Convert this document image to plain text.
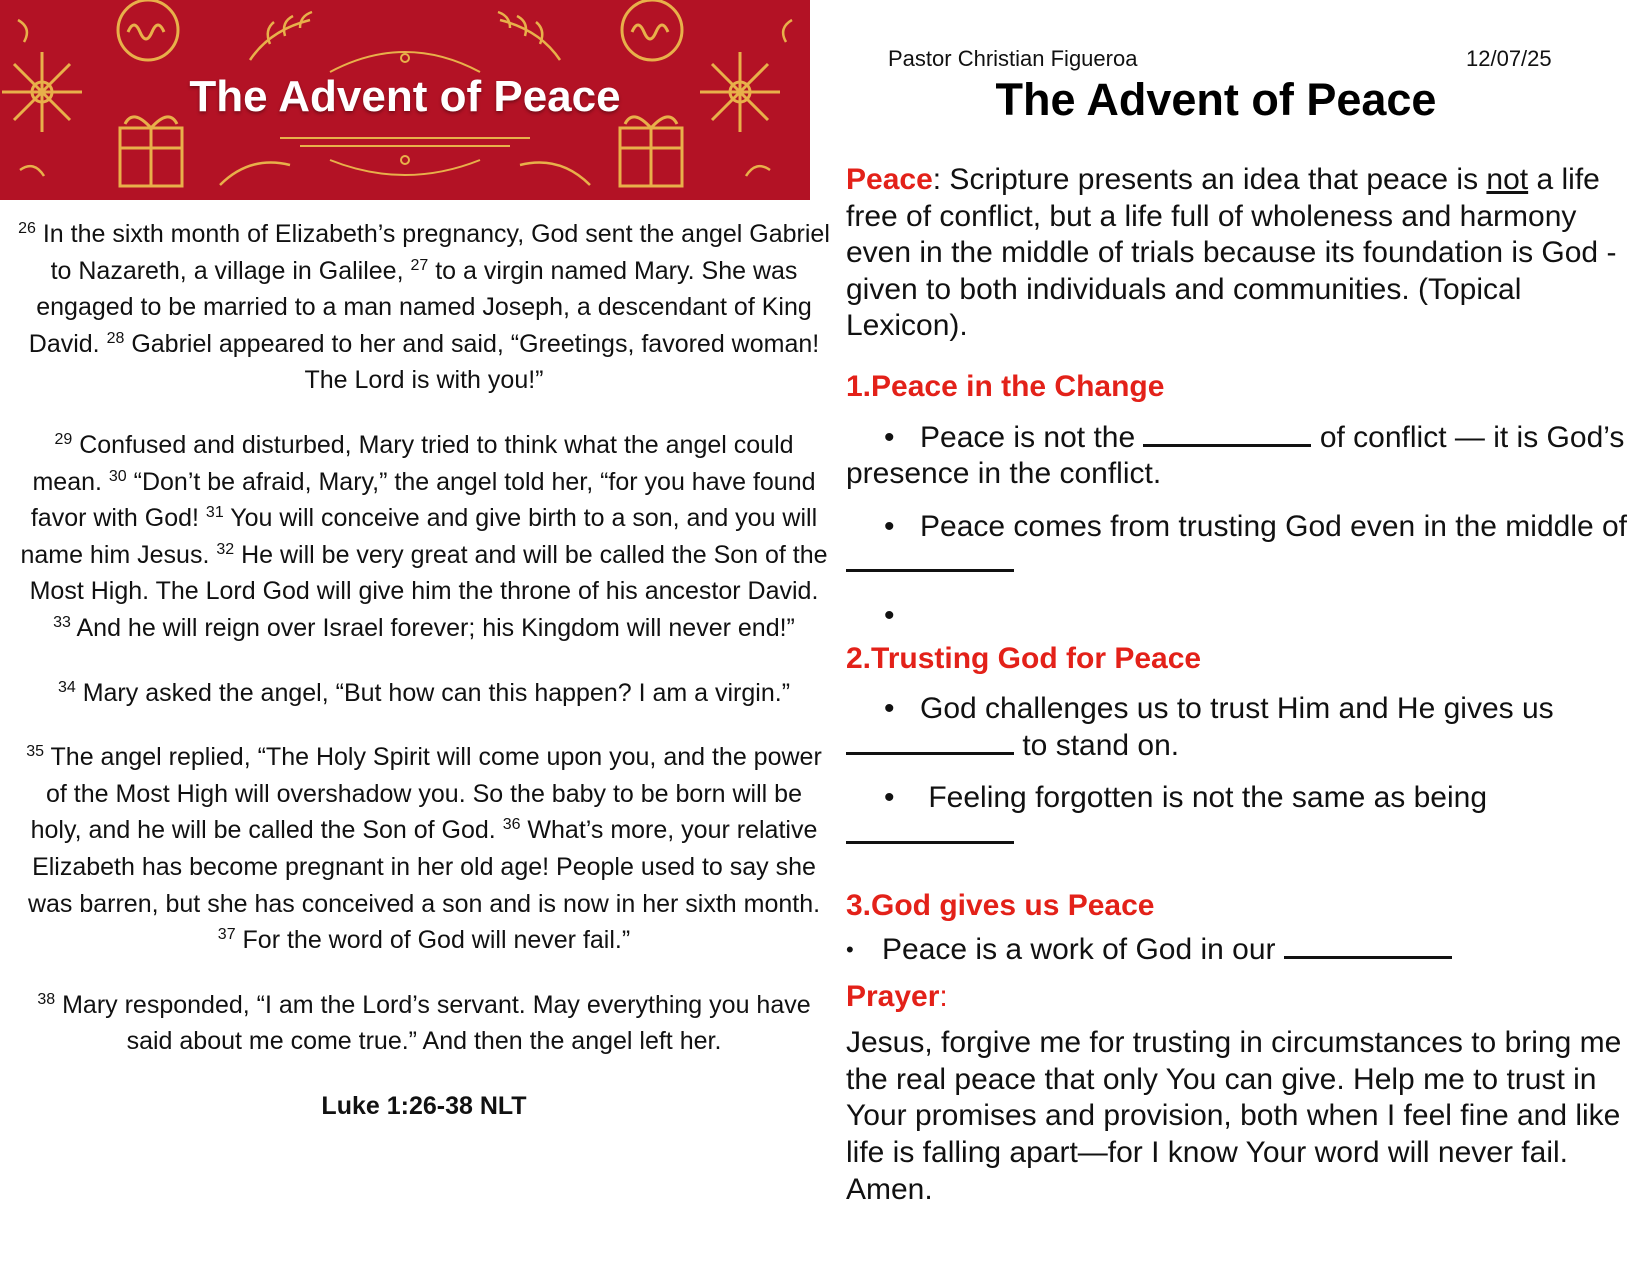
The Advent of Peace

$^{26}$ In the sixth month of Elizabeth’s pregnancy, God sent the angel Gabriel to Nazareth, a village in Galilee, $^{27}$ to a virgin named Mary. She was engaged to be married to a man named Joseph, a descendant of King David. $^{28}$ Gabriel appeared to her and said, “Greetings, favored woman! The Lord is with you!”

$^{29}$ Confused and disturbed, Mary tried to think what the angel could mean. $^{30}$ “Don’t be afraid, Mary,” the angel told her, “for you have found favor with God! $^{31}$ You will conceive and give birth to a son, and you will name him Jesus. $^{32}$ He will be very great and will be called the Son of the Most High. The Lord God will give him the throne of his ancestor David. $^{33}$ And he will reign over Israel forever; his Kingdom will never end!”

$^{34}$ Mary asked the angel, “But how can this happen? I am a virgin.”

$^{35}$ The angel replied, “The Holy Spirit will come upon you, and the power of the Most High will overshadow you. So the baby to be born will be holy, and he will be called the Son of God. $^{36}$ What’s more, your relative Elizabeth has become pregnant in her old age! People used to say she was barren, but she has conceived a son and is now in her sixth month. $^{37}$ For the word of God will never fail.”

$^{38}$ Mary responded, “I am the Lord’s servant. May everything you have said about me come true.” And then the angel left her.

Luke 1:26-38 NLT
Pastor Christian Figueroa	12/07/25
The Advent of Peace

Peace: Scripture presents an idea that peace is not a life free of conflict, but a life full of wholeness and harmony even in the middle of trials because its foundation is God - given to both individuals and communities. (Topical Lexicon).

1.Peace in the Change
• Peace is not the	of conflict — it is God’s presence in the conflict.
• Peace comes from trusting God even in the middle of
•
2.Trusting God for Peace
• God challenges us to trust Him and He gives us  to stand on.
• Feeling forgotten is not the same as being
3.God gives us Peace
• Peace is a work of God in our
Prayer:

Jesus, forgive me for trusting in circumstances to bring me the real peace that only You can give. Help me to trust in Your promises and provision, both when I feel fine and like life is falling apart—for I know Your word will never fail. Amen.
